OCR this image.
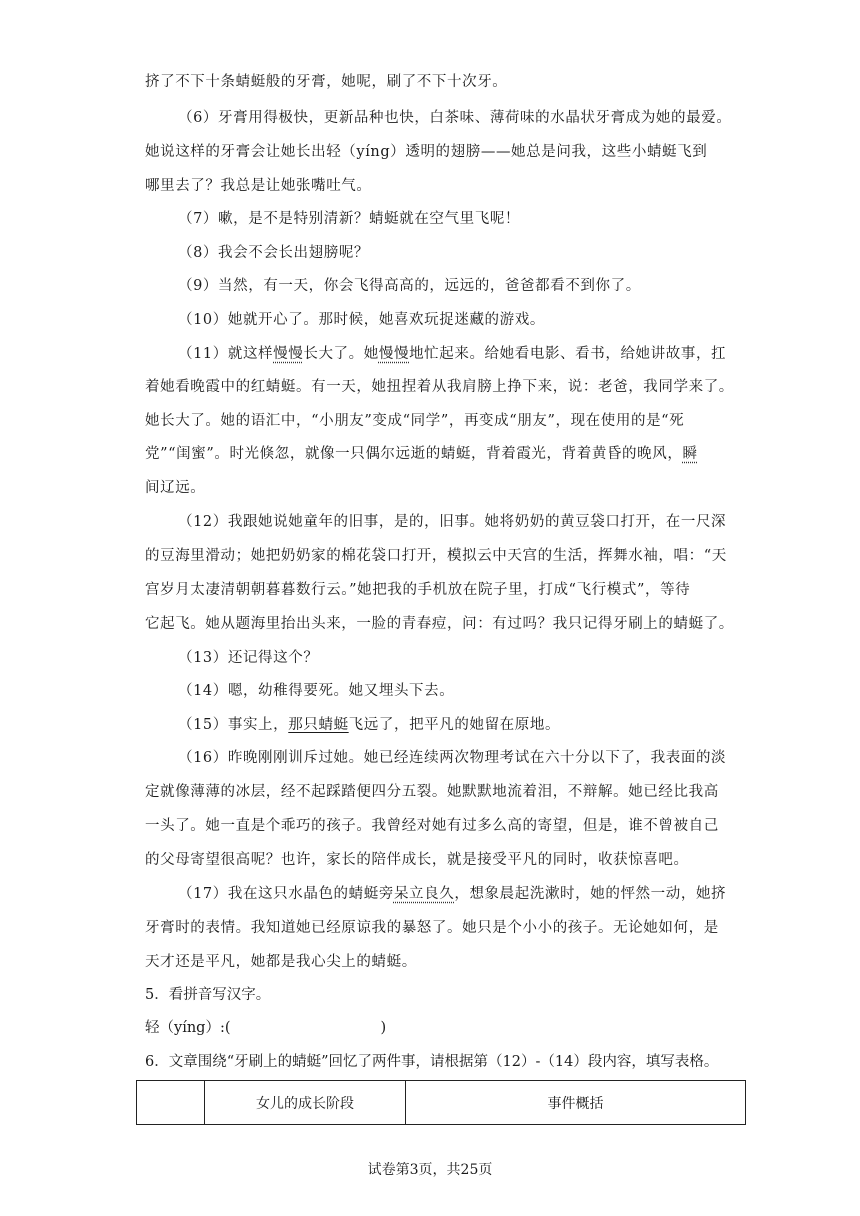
挤了不下十条蜻蜓般的牙膏，她呢，刷了不下十次牙。
（6）牙膏用得极快，更新品种也快，白茶味、薄荷味的水晶状牙膏成为她的最爱。
她说这样的牙膏会让她长出轻（yíng）透明的翅膀——她总是问我，这些小蜻蜓飞到
哪里去了？我总是让她张嘴吐气。
（7）嗽，是不是特别清新？蜻蜓就在空气里飞呢！
（8）我会不会长出翅膀呢？
（9）当然，有一天，你会飞得高高的，远远的，爸爸都看不到你了。
（10）她就开心了。那时候，她喜欢玩捉迷藏的游戏。
（11）就这样慢慢长大了。她慢慢地忙起来。给她看电影、看书，给她讲故事，扛
着她看晚霞中的红蜻蜓。有一天，她扭捏着从我肩膀上挣下来，说：老爸，我同学来了。
她长大了。她的语汇中，“小朋友”变成“同学”，再变成“朋友”，现在使用的是“死
党”“闺蜜”。时光倏忽，就像一只偶尔远逝的蜻蜓，背着霞光，背着黄昏的晚风，瞬
间辽远。
（12）我跟她说她童年的旧事，是的，旧事。她将奶奶的黄豆袋口打开，在一尺深
的豆海里滑动；她把奶奶家的棉花袋口打开，模拟云中天宫的生活，挥舞水袖，唱：“天
宫岁月太凄清朝朝暮暮数行云。”她把我的手机放在院子里，打成“飞行模式”，等待
它起飞。她从题海里抬出头来，一脸的青春痘，问：有过吗？我只记得牙刷上的蜻蜓了。
（13）还记得这个？
（14）嗯，幼稚得要死。她又埋头下去。
（15）事实上，那只蜻蜓飞远了，把平凡的她留在原地。
（16）昨晚刚刚训斥过她。她已经连续两次物理考试在六十分以下了，我表面的淡
定就像薄薄的冰层，经不起踩踏便四分五裂。她默默地流着泪，不辩解。她已经比我高
一头了。她一直是个乖巧的孩子。我曾经对她有过多么高的寄望，但是，谁不曾被自己
的父母寄望很高呢？也许，家长的陪伴成长，就是接受平凡的同时，收获惊喜吧。
（17）我在这只水晶色的蜻蜓旁呆立良久，想象晨起洗漱时，她的怦然一动，她挤
牙膏时的表情。我知道她已经原谅我的暴怒了。她只是个小小的孩子。无论她如何，是
天才还是平凡，她都是我心尖上的蜻蜓。
5．看拼音写汉字。
轻（yíng）:(	)
6．文章围绕“牙刷上的蜻蜓”回忆了两件事，请根据第（12）-（14）段内容，填写表格。
	女儿的成长阶段	事件概括
试卷第3页，共25页
